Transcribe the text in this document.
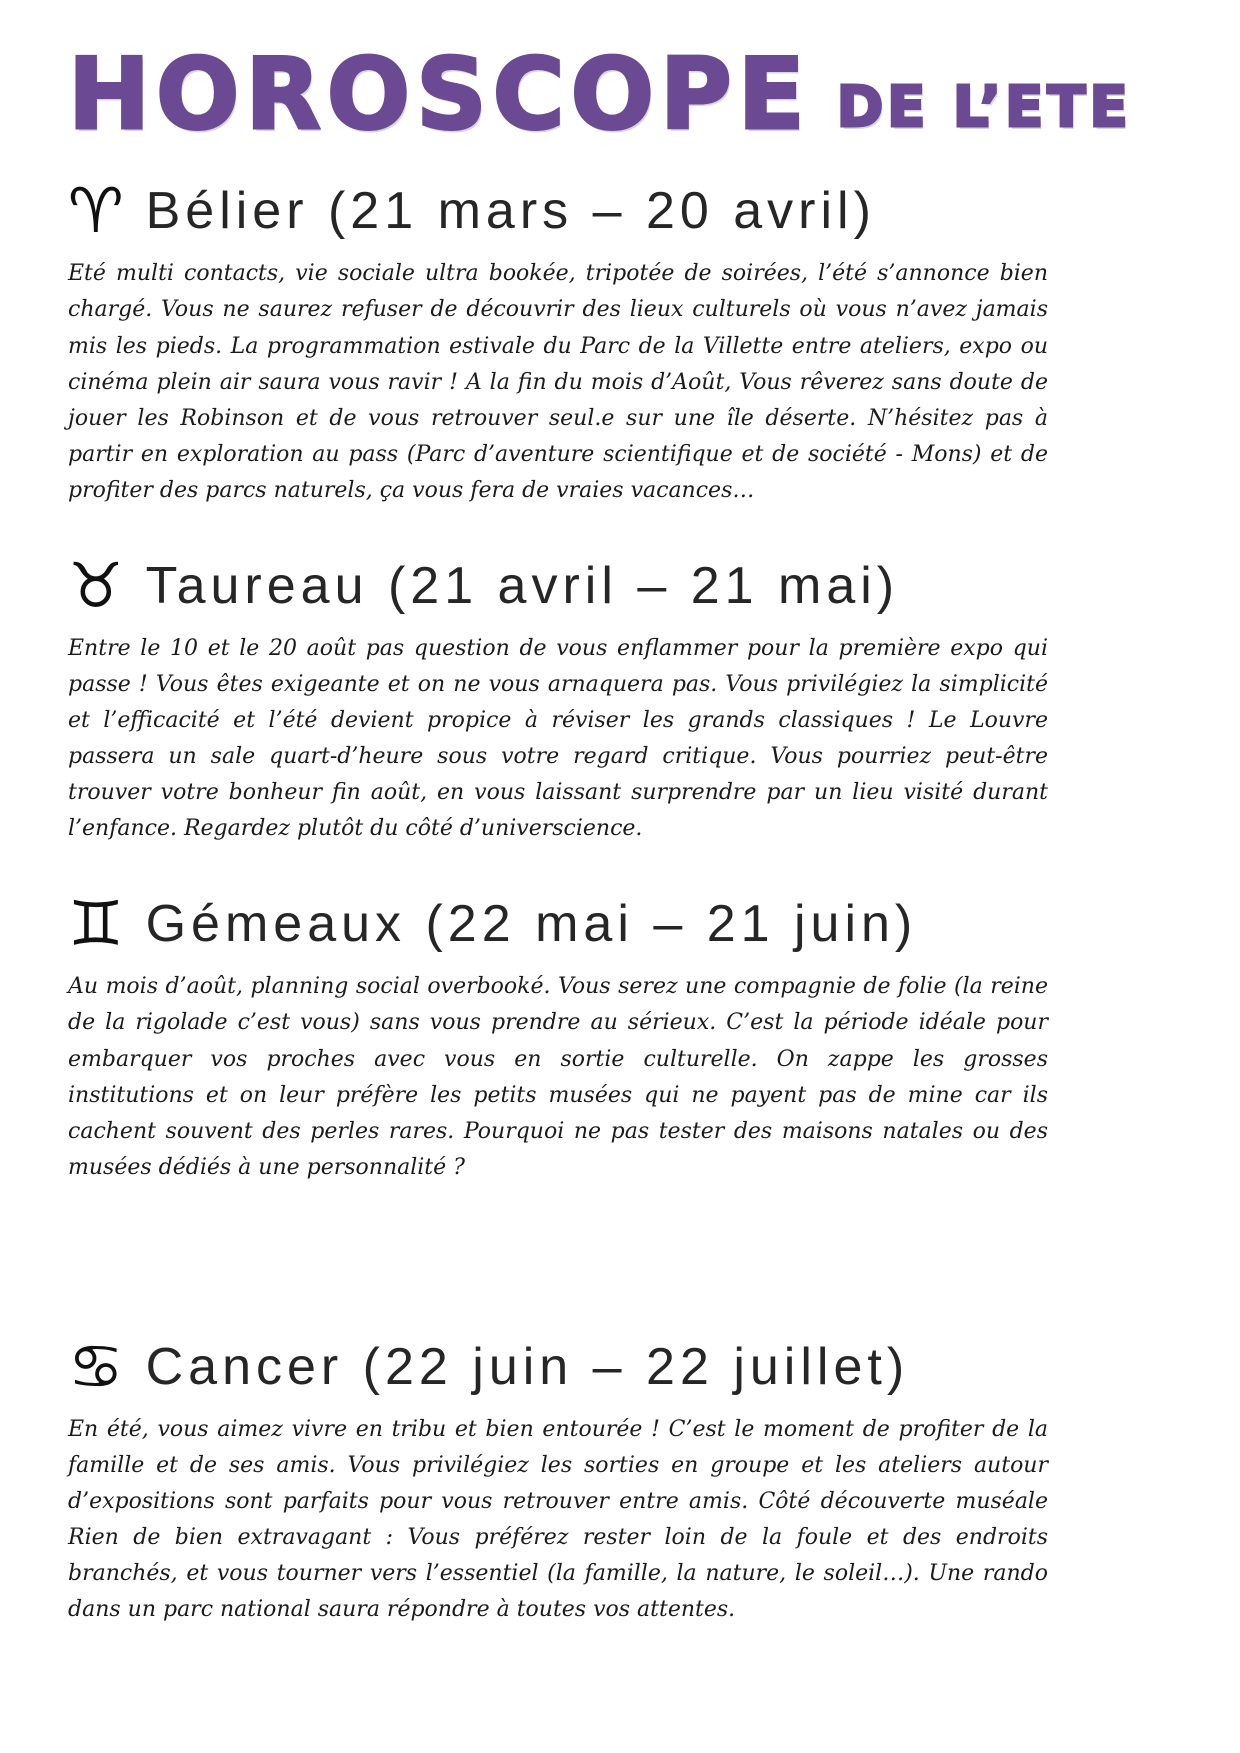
HOROSCOPE DE L’ETE
♈ Bélier (21 mars – 20 avril)

Eté multi contacts, vie sociale ultra bookée, tripotée de soirées, l’été s’annonce bien chargé. Vous ne saurez refuser de découvrir des lieux culturels où vous n’avez jamais mis les pieds. La programmation estivale du Parc de la Villette entre ateliers, expo ou cinéma plein air saura vous ravir ! A la fin du mois d’Août, Vous rêverez sans doute de jouer les Robinson et de vous retrouver seul.e sur une île déserte. N’hésitez pas à partir en exploration au pass (Parc d’aventure scientifique et de société - Mons) et de profiter des parcs naturels, ça vous fera de vraies vacances…

♉ Taureau (21 avril – 21 mai)

Entre le 10 et le 20 août pas question de vous enflammer pour la première expo qui passe ! Vous êtes exigeante et on ne vous arnaquera pas. Vous privilégiez la simplicité et l’efficacité et l’été devient propice à réviser les grands classiques ! Le Louvre passera un sale quart-d’heure sous votre regard critique. Vous pourriez peut-être trouver votre bonheur fin août, en vous laissant surprendre par un lieu visité durant l’enfance. Regardez plutôt du côté d’universcience.

♊ Gémeaux (22 mai – 21 juin)

Au mois d’août, planning social overbooké. Vous serez une compagnie de folie (la reine de la rigolade c’est vous) sans vous prendre au sérieux. C’est la période idéale pour embarquer vos proches avec vous en sortie culturelle. On zappe les grosses institutions et on leur préfère les petits musées qui ne payent pas de mine car ils cachent souvent des perles rares. Pourquoi ne pas tester des maisons natales ou des musées dédiés à une personnalité ?

♋ Cancer (22 juin – 22 juillet)

En été, vous aimez vivre en tribu et bien entourée ! C’est le moment de profiter de la famille et de ses amis. Vous privilégiez les sorties en groupe et les ateliers autour d’expositions sont parfaits pour vous retrouver entre amis. Côté découverte muséale Rien de bien extravagant : Vous préférez rester loin de la foule et des endroits branchés, et vous tourner vers l’essentiel (la famille, la nature, le soleil…). Une rando dans un parc national saura répondre à toutes vos attentes.
